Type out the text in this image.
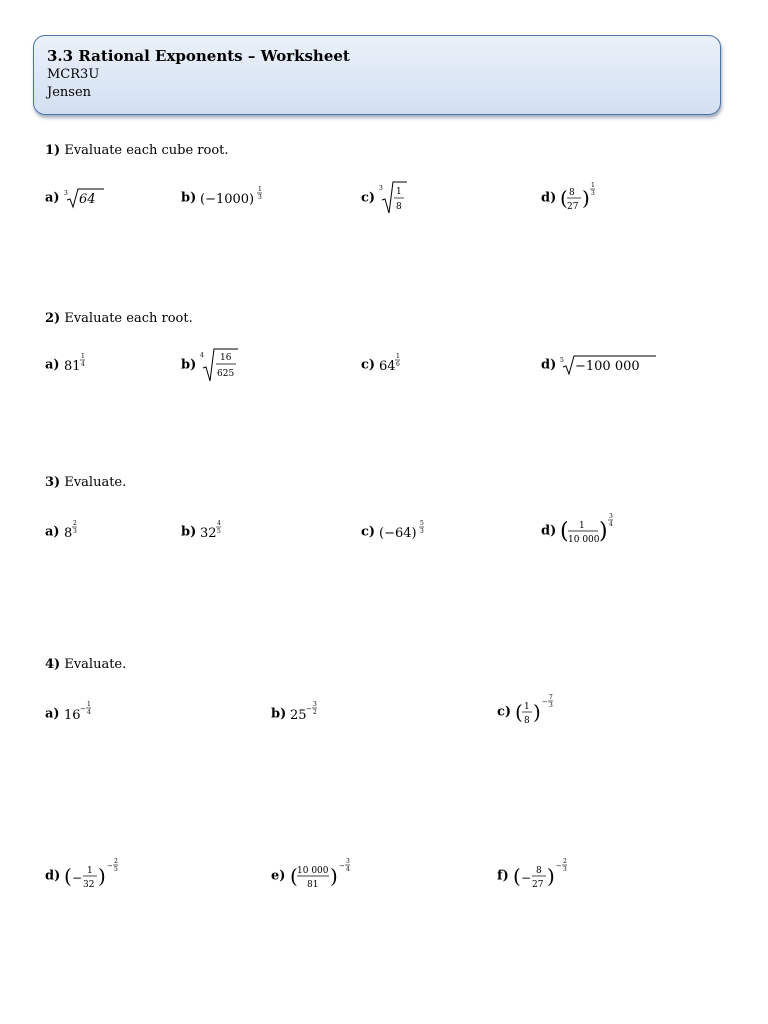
3.3 Rational Exponents – Worksheet
MCR3U
Jensen
1) Evaluate each cube root.
a) 3 64	b) (−1000)
1
3	c)
3 1
8
d) ( 8
27 )
1
3
2) Evaluate each root.
a) 81
1
4	b)
4 16
625
c) 64
1
6	d) 5 −100 000
3) Evaluate.
a) 8
2
3	b) 32
4
5	c) (−64)
5
3	d) ( 1
10 000 )
3
4
4) Evaluate.
a) 16 −
1
4	b) 25 −
3
2	c) ( 1
8 ) −
7
3
d) ( − 1
32 ) −
2
5	e) ( 10 000
81 ) −
3
4	f) ( − 8
27 ) −
2
3
